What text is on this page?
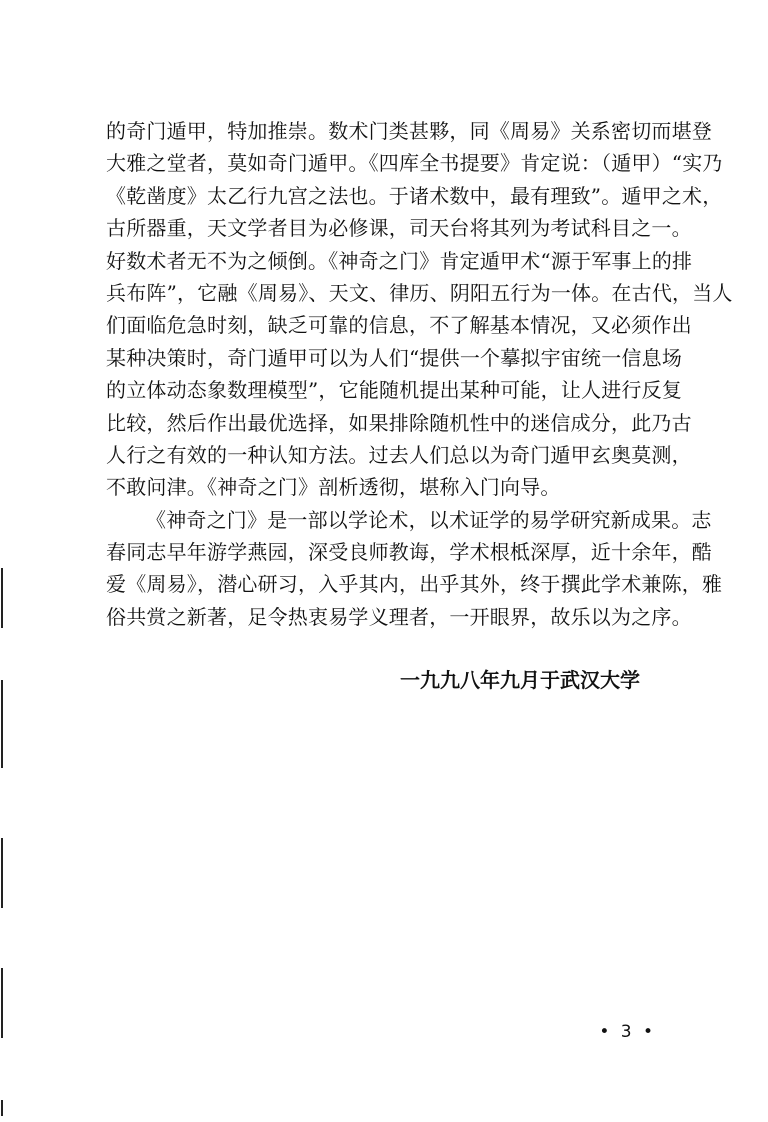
的奇门遁甲，特加推崇。数术门类甚夥，同《周易》关系密切而堪登
大雅之堂者，莫如奇门遁甲。《四库全书提要》肯定说：（遁甲）“实乃
《乾凿度》太乙行九宫之法也。于诸术数中，最有理致”。遁甲之术，
古所器重，天文学者目为必修课，司天台将其列为考试科目之一。
好数术者无不为之倾倒。《神奇之门》肯定遁甲术“源于军事上的排
兵布阵”，它融《周易》、天文、律历、阴阳五行为一体。在古代，当人
们面临危急时刻，缺乏可靠的信息，不了解基本情况，又必须作出
某种决策时，奇门遁甲可以为人们“提供一个摹拟宇宙统一信息场
的立体动态象数理模型”，它能随机提出某种可能，让人进行反复
比较，然后作出最优选择，如果排除随机性中的迷信成分，此乃古
人行之有效的一种认知方法。过去人们总以为奇门遁甲玄奥莫测，
不敢问津。《神奇之门》剖析透彻，堪称入门向导。
《神奇之门》是一部以学论术，以术证学的易学研究新成果。志
春同志早年游学燕园，深受良师教诲，学术根柢深厚，近十余年，酷
爱《周易》，潜心研习，入乎其内，出乎其外，终于撰此学术兼陈，雅
俗共赏之新著，足令热衷易学义理者，一开眼界，故乐以为之序。
一九九八年九月于武汉大学
• 3 •
